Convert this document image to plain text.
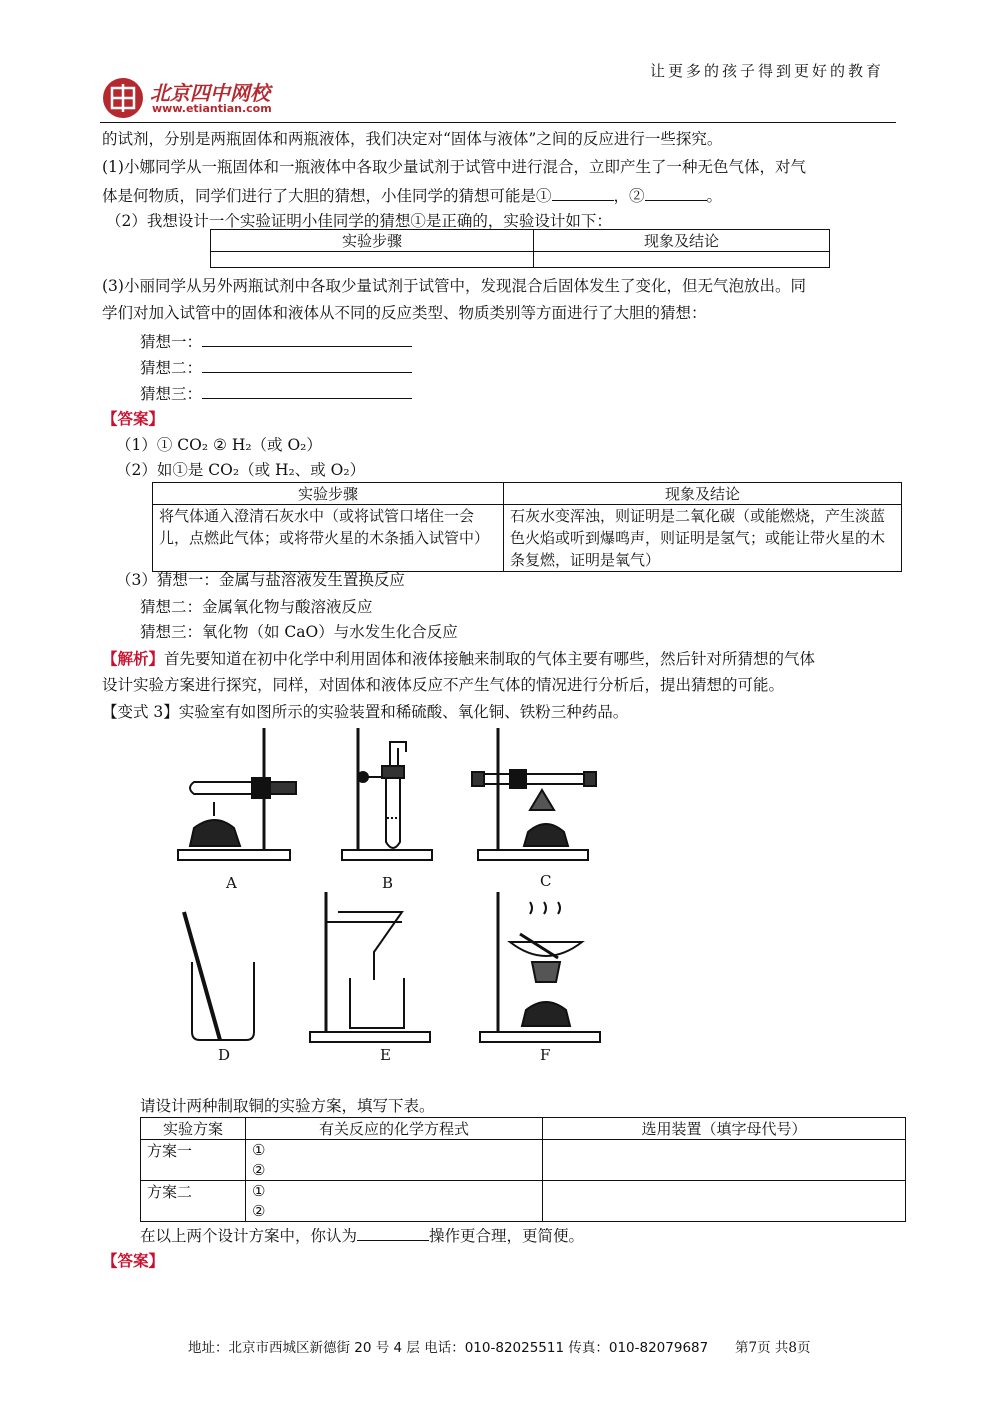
让更多的孩子得到更好的教育
北京四中网校
www.etiantian.com
的试剂，分别是两瓶固体和两瓶液体，我们决定对“固体与液体”之间的反应进行一些探究。
(1)小娜同学从一瓶固体和一瓶液体中各取少量试剂于试管中进行混合，立即产生了一种无色气体，对气
体是何物质，同学们进行了大胆的猜想，小佳同学的猜想可能是①	，②	。
（2）我想设计一个实验证明小佳同学的猜想①是正确的，实验设计如下：
实验步骤	现象及结论

(3)小丽同学从另外两瓶试剂中各取少量试剂于试管中，发现混合后固体发生了变化，但无气泡放出。同
学们对加入试管中的固体和液体从不同的反应类型、物质类别等方面进行了大胆的猜想：
猜想一：
猜想二：
猜想三：
【答案】
（1）① CO₂ ② H₂（或 O₂）
（2）如①是 CO₂（或 H₂、或 O₂）
实验步骤	现象及结论
将气体通入澄清石灰水中（或将试管口堵住一会儿，点燃此气体；或将带火星的木条插入试管中）	石灰水变浑浊，则证明是二氧化碳（或能燃烧，产生淡蓝色火焰或听到爆鸣声，则证明是氢气；或能让带火星的木条复燃，证明是氧气）
（3）猜想一：金属与盐溶液发生置换反应
猜想二：金属氧化物与酸溶液反应
猜想三：氧化物（如 CaO）与水发生化合反应
【解析】首先要知道在初中化学中利用固体和液体接触来制取的气体主要有哪些，然后针对所猜想的气体
设计实验方案进行探究，同样，对固体和液体反应不产生气体的情况进行分析后，提出猜想的可能。
【变式 3】实验室有如图所示的实验装置和稀硫酸、氧化铜、铁粉三种药品。
A	B	C
D	E	F
请设计两种制取铜的实验方案，填写下表。
实验方案	有关反应的化学方程式	选用装置（填字母代号）
方案一	①
②	

方案二	①
②	

在以上两个设计方案中，你认为	操作更合理，更简便。
【答案】
地址：北京市西城区新德街 20 号 4 层 电话：010-82025511 传真：010-82079687 第7页 共8页
